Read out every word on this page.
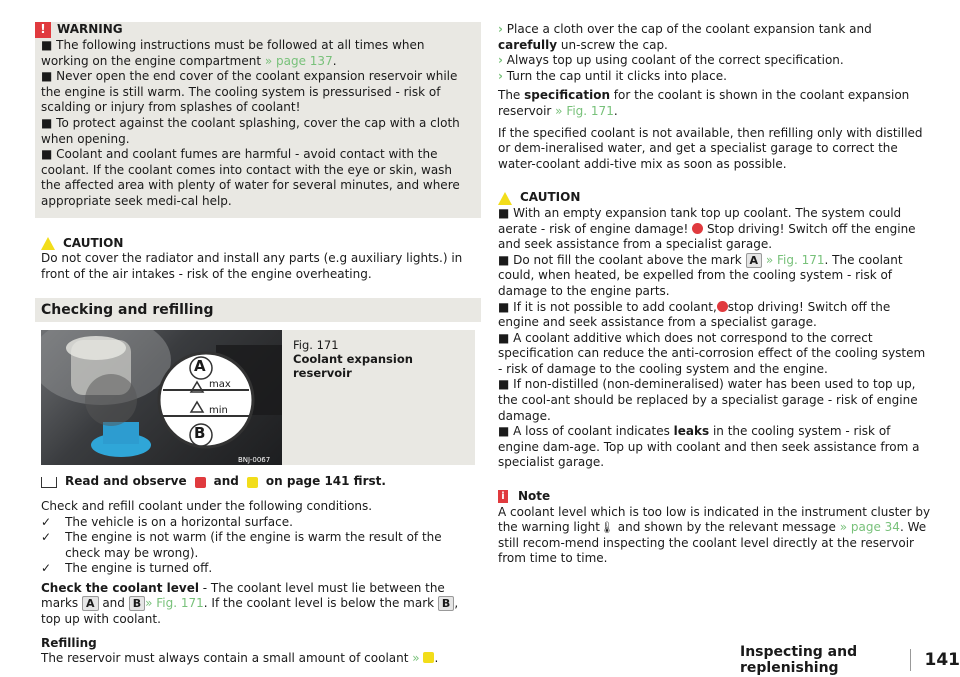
! WARNING

■ The following instructions must be followed at all times when working on the engine compartment » page 137.

■ Never open the end cover of the coolant expansion reservoir while the engine is still warm. The cooling system is pressurised - risk of scalding or injury from splashes of coolant!

■ To protect against the coolant splashing, cover the cap with a cloth when opening.

■ Coolant and coolant fumes are harmful - avoid contact with the coolant. If the coolant comes into contact with the eye or skin, wash the affected area with plenty of water for several minutes, and where appropriate seek medi-cal help.

CAUTION

Do not cover the radiator and install any parts (e.g auxiliary lights.) in front of the air intakes - risk of the engine overheating.

Checking and refilling
A
B
max
min
BNJ-0067
Fig. 171
Coolant expansion reservoir
Read and observe and on page 141 first.

Check and refill coolant under the following conditions.

✓ The vehicle is on a horizontal surface.
✓ The engine is not warm (if the engine is warm the result of the check may be wrong).
✓ The engine is turned off.

Check the coolant level - The coolant level must lie between the marks A and B » Fig. 171. If the coolant level is below the mark B , top up with coolant.

Refilling

The reservoir must always contain a small amount of coolant » .

› Place a cloth over the cap of the coolant expansion tank and carefully un-screw the cap.

› Always top up using coolant of the correct specification.

› Turn the cap until it clicks into place.

The specification for the coolant is shown in the coolant expansion reservoir » Fig. 171.

If the specified coolant is not available, then refilling only with distilled or dem-ineralised water, and get a specialist garage to correct the water-coolant addi-tive mix as soon as possible.

CAUTION

■ With an empty expansion tank top up coolant. The system could aerate - risk of engine damage!  Stop driving! Switch off the engine and seek assistance from a specialist garage.

■ Do not fill the coolant above the mark A » Fig. 171. The coolant could, when heated, be expelled from the cooling system - risk of damage to the engine parts.

■ If it is not possible to add coolant, stop driving! Switch off the engine and seek assistance from a specialist garage.

■ A coolant additive which does not correspond to the correct specification can reduce the anti-corrosion effect of the cooling system - risk of damage to the cooling system and the engine.

■ If non-distilled (non-demineralised) water has been used to top up, the cool-ant should be replaced by a specialist garage - risk of engine damage.

■ A loss of coolant indicates leaks in the cooling system - risk of engine dam-age. Top up with coolant and then seek assistance from a specialist garage.

i Note

A coolant level which is too low is indicated in the instrument cluster by the warning light🌡 and shown by the relevant message » page 34. We still recom-mend inspecting the coolant level directly at the reservoir from time to time.

Inspecting and replenishing	141
